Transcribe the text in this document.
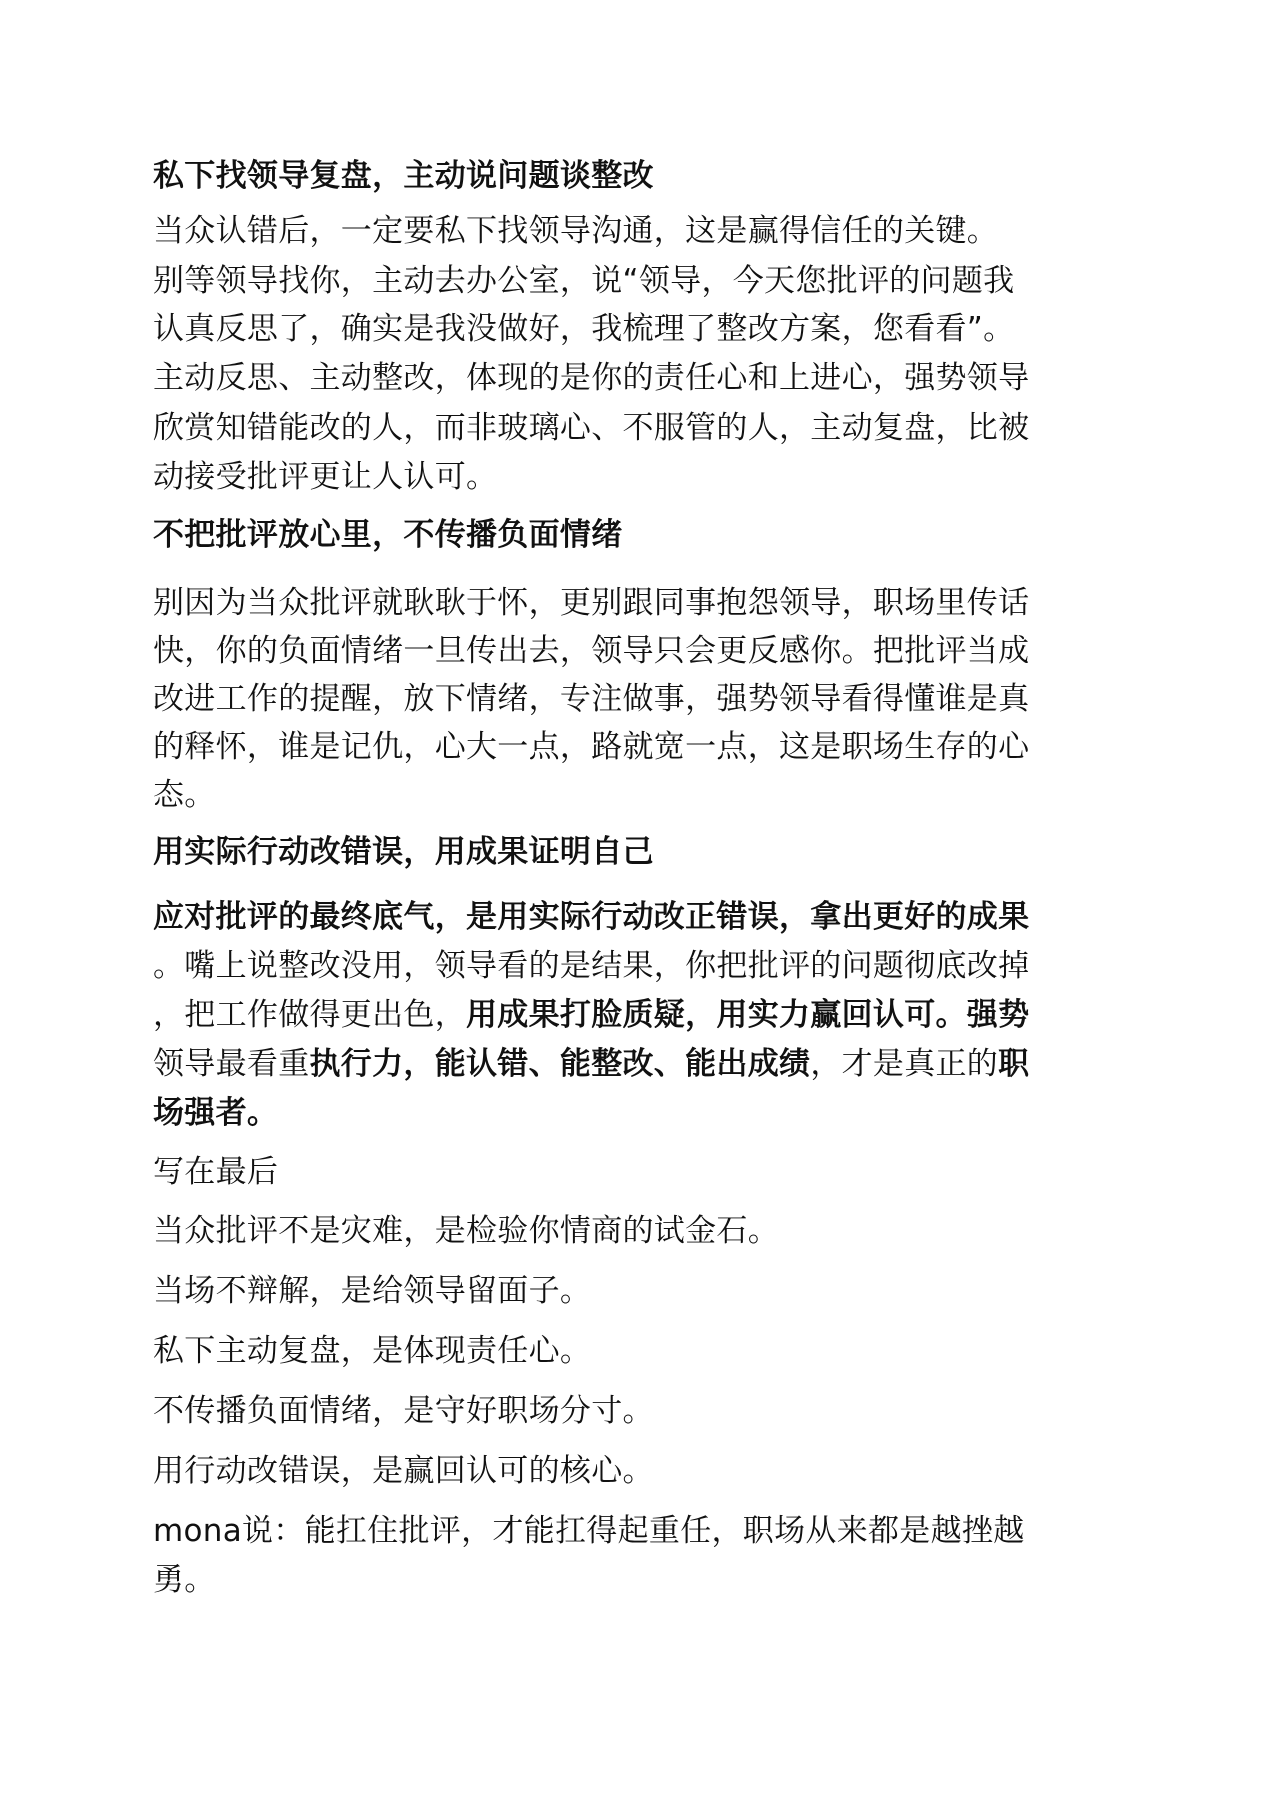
私下找领导复盘，主动说问题谈整改

当众认错后，一定要私下找领导沟通，这是赢得信任的关键。

别等领导找你，主动去办公室，说“领导，今天您批评的问题我

认真反思了，确实是我没做好，我梳理了整改方案，您看看”。

主动反思、主动整改，体现的是你的责任心和上进心，强势领导

欣赏知错能改的人，而非玻璃心、不服管的人，主动复盘，比被

动接受批评更让人认可。

不把批评放心里，不传播负面情绪

别因为当众批评就耿耿于怀，更别跟同事抱怨领导，职场里传话

快，你的负面情绪一旦传出去，领导只会更反感你。把批评当成

改进工作的提醒，放下情绪，专注做事，强势领导看得懂谁是真

的释怀，谁是记仇，心大一点，路就宽一点，这是职场生存的心

态。

用实际行动改错误，用成果证明自己

应对批评的最终底气，是用实际行动改正错误，拿出更好的成果

。嘴上说整改没用，领导看的是结果，你把批评的问题彻底改掉

，把工作做得更出色，用成果打脸质疑，用实力赢回认可。强势

领导最看重执行力，能认错、能整改、能出成绩，才是真正的职

场强者。

写在最后

当众批评不是灾难，是检验你情商的试金石。

当场不辩解，是给领导留面子。

私下主动复盘，是体现责任心。

不传播负面情绪，是守好职场分寸。

用行动改错误，是赢回认可的核心。

mona说：能扛住批评，才能扛得起重任，职场从来都是越挫越

勇。
